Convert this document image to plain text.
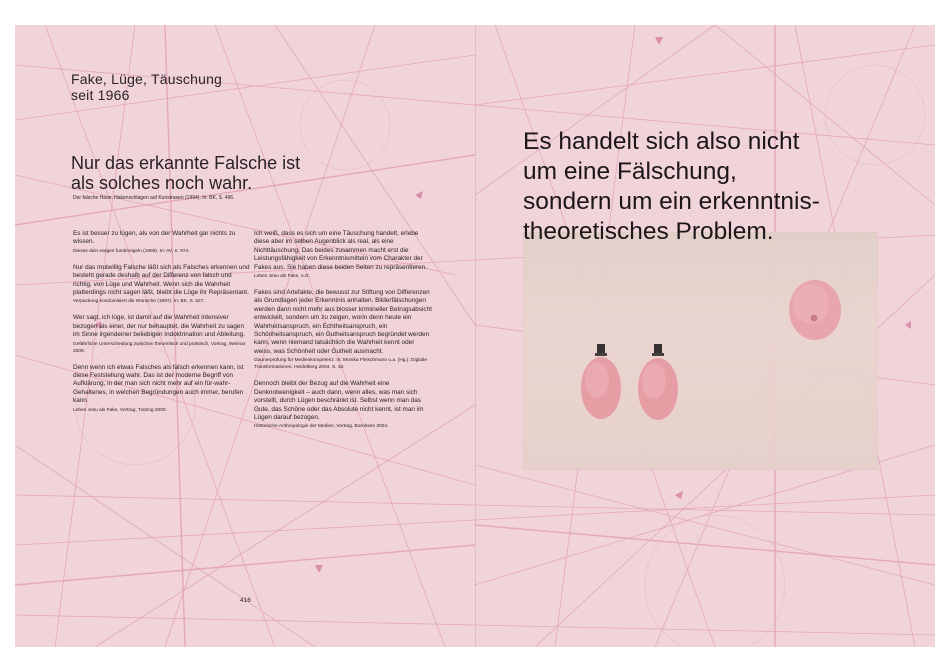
Fake, Lüge, Täuschung
seit 1966
Nur das erkannte Falsche ist
als solches noch wahr.
Der falsche Hase. Hakenschlagen auf Kunstrasen (1994). In: BK, S. 496.
Es ist besser zu lügen, als von der Wahrheit gar nichts zu wissen.
Dieses dein ewiges fundevögeln (1969). In: AV, S. 974.
Nur das mutwillig Falsche läßt sich als Falsches erkennen und besteht gerade deshalb auf der Differenz von falsch und richtig, von Lüge und Wahrheit. Wenn sich die Wahrheit platterdings nicht sagen läßt, bleibt die Lüge ihr Repräsentant.
Verpackung kondomisiert die Wünsche (1997). In: BK, S. 627.
Wer sagt, ich lüge, ist damit auf die Wahrheit intensiver bezogen als einer, der nur behauptet, die Wahrheit zu sagen im Sinne irgendeiner beliebigen Indoktrination und Ableitung.
Gefährliche Unterscheidung zwischen theoretisch und praktisch, Vortrag, Weimar 2009.
Denn wenn ich etwas Falsches als falsch erkennen kann, ist diese Feststellung wahr. Das ist der moderne Begriff von Aufklärung, in der man sich nicht mehr auf ein für-wahr-Gehaltenes, in welchen Begründungen auch immer, berufen kann.
Leben Jesu als Fake, Vortrag, Tutzing 2000.
Ich weiß, dass es sich um eine Täuschung handelt, erlebe diese aber im selben Augenblick als real, als eine Nichttäuschung. Das beides zusammen macht erst die Leistungsfähigkeit von Erkenntnismitteln vom Charakter der Fakes aus. Sie haben diese beiden Seiten zu repräsentieren.
Leben Jesu als Fake, o.O.
Fakes sind Artefakte, die bewusst zur Stiftung von Differenzen als Grundlagen jeder Erkenntnis anhalten. Bilderfälschungen werden dann nicht mehr aus blosser krimineller Betrugsabsicht entwickelt, sondern um zu zeigen, worin denn heute ein Wahrheitsanspruch, ein Echtheitsanspruch, ein Schönheitsanspruch, ein Gutheitsanspruch begründet werden kann, wenn niemand tatsächlich die Wahrheit kennt oder weiss, was Schönheit oder Gutheit ausmacht.
Gaunerprüfung für Medienkompetenz. In: Monika Fleischmann u.a. (Hg.): Digitale Transformationen, Heidelberg 2004, S. 32.
Dennoch bleibt der Bezug auf die Wahrheit eine Denknotwenigkeit – auch dann, wenn alles, was man sich vorstellt, durch Lügen beschränkt ist. Selbst wenn man das Gute, das Schöne oder das Absolute nicht kennt, ist man im Lügen darauf bezogen.
Historische Anthropologie der Medien, Vortrag, Bornheim 2004.
416
Es handelt sich also nicht
um eine Fälschung,
sondern um ein erkenntnis-
theoretisches Problem.
